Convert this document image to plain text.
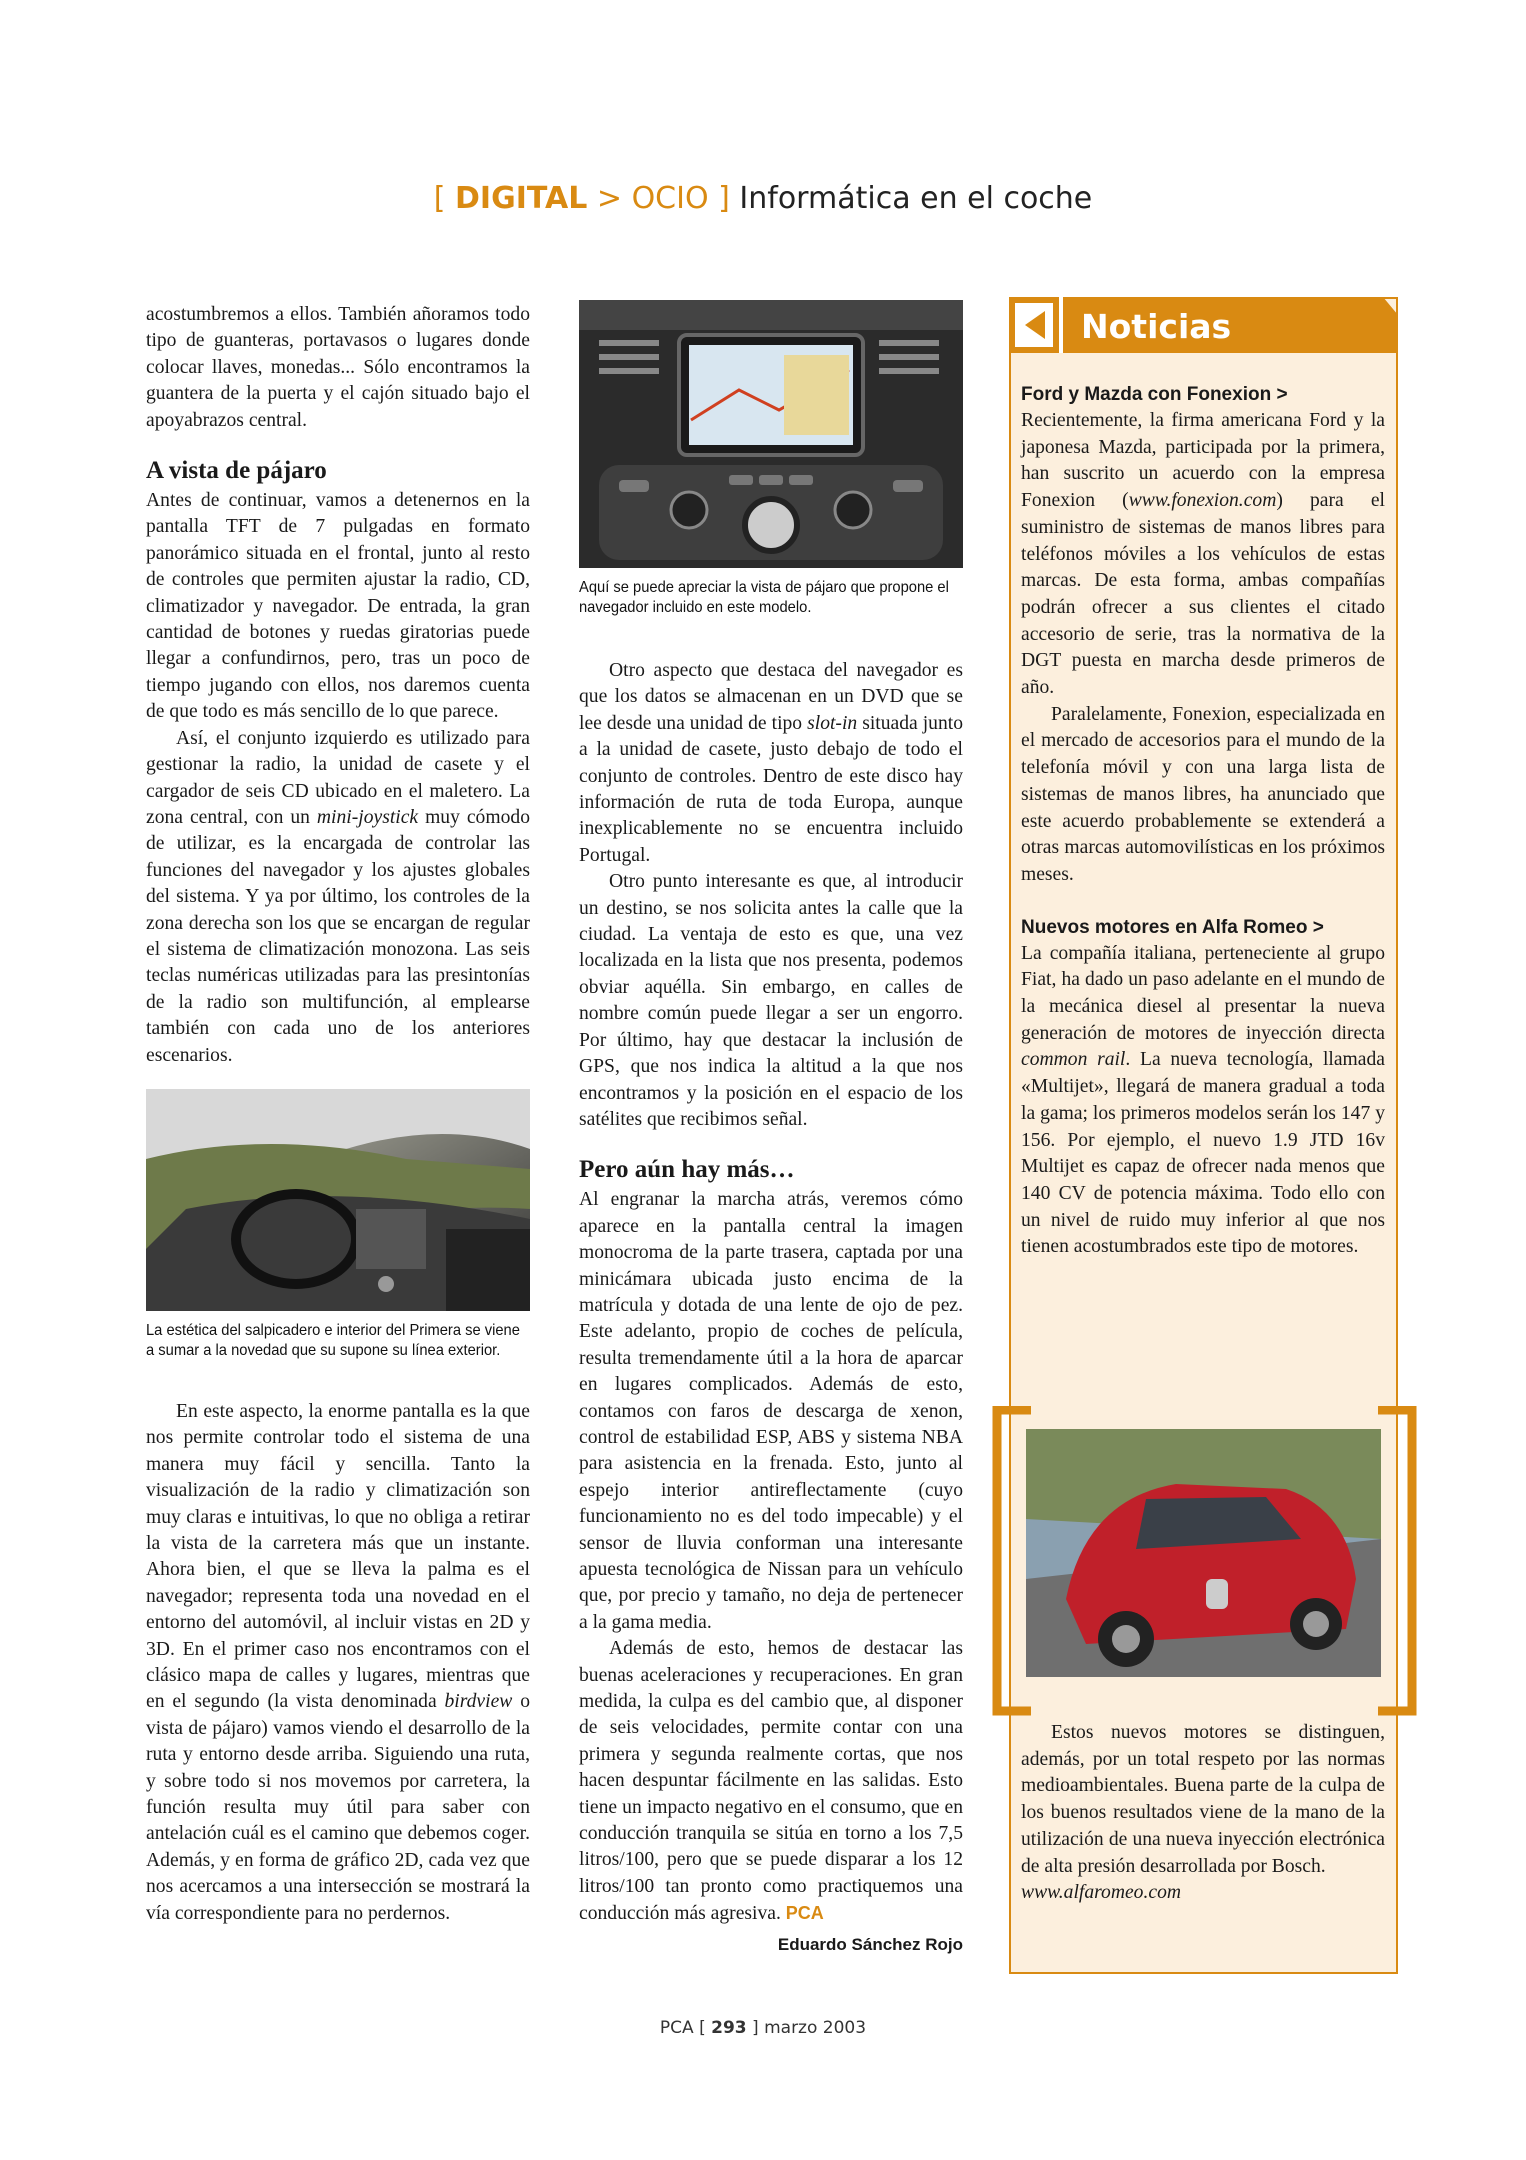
[ DIGITAL > OCIO ] Informática en el coche

acostumbremos a ellos. También añoramos todo tipo de guanteras, portavasos o lugares donde colocar llaves, monedas... Sólo encontramos la guantera de la puerta y el cajón situado bajo el apoyabrazos central.

A vista de pájaro

Antes de continuar, vamos a detenernos en la pantalla TFT de 7 pulgadas en formato panorámico situada en el frontal, junto al resto de controles que permiten ajustar la radio, CD, climatizador y navegador. De entrada, la gran cantidad de botones y ruedas giratorias puede llegar a confundirnos, pero, tras un poco de tiempo jugando con ellos, nos daremos cuenta de que todo es más sencillo de lo que parece.

Así, el conjunto izquierdo es utilizado para gestionar la radio, la unidad de casete y el cargador de seis CD ubicado en el maletero. La zona central, con un mini-joystick muy cómodo de utilizar, es la encargada de controlar las funciones del navegador y los ajustes globales del sistema. Y ya por último, los controles de la zona derecha son los que se encargan de regular el sistema de climatización monozona. Las seis teclas numéricas utilizadas para las presintonías de la radio son multifunción, al emplearse también con cada uno de los anteriores escenarios.

La estética del salpicadero e interior del Primera se viene a sumar a la novedad que su supone su línea exterior.

En este aspecto, la enorme pantalla es la que nos permite controlar todo el sistema de una manera muy fácil y sencilla. Tanto la visualización de la radio y climatización son muy claras e intuitivas, lo que no obliga a retirar la vista de la carretera más que un instante. Ahora bien, el que se lleva la palma es el navegador; representa toda una novedad en el entorno del automóvil, al incluir vistas en 2D y 3D. En el primer caso nos encontramos con el clásico mapa de calles y lugares, mientras que en el segundo (la vista denominada birdview o vista de pájaro) vamos viendo el desarrollo de la ruta y entorno desde arriba. Siguiendo una ruta, y sobre todo si nos movemos por carretera, la función resulta muy útil para saber con antelación cuál es el camino que debemos coger. Además, y en forma de gráfico 2D, cada vez que nos acercamos a una intersección se mostrará la vía correspondiente para no perdernos.

Aquí se puede apreciar la vista de pájaro que propone el navegador incluido en este modelo.

Otro aspecto que destaca del navegador es que los datos se almacenan en un DVD que se lee desde una unidad de tipo slot-in situada junto a la unidad de casete, justo debajo de todo el conjunto de controles. Dentro de este disco hay información de ruta de toda Europa, aunque inexplicablemente no se encuentra incluido Portugal.

Otro punto interesante es que, al introducir un destino, se nos solicita antes la calle que la ciudad. La ventaja de esto es que, una vez localizada en la lista que nos presenta, podemos obviar aquélla. Sin embargo, en calles de nombre común puede llegar a ser un engorro. Por último, hay que destacar la inclusión de GPS, que nos indica la altitud a la que nos encontramos y la posición en el espacio de los satélites que recibimos señal.

Pero aún hay más…

Al engranar la marcha atrás, veremos cómo aparece en la pantalla central la imagen monocroma de la parte trasera, captada por una minicámara ubicada justo encima de la matrícula y dotada de una lente de ojo de pez. Este adelanto, propio de coches de película, resulta tremendamente útil a la hora de aparcar en lugares complicados. Además de esto, contamos con faros de descarga de xenon, control de estabilidad ESP, ABS y sistema NBA para asistencia en la frenada. Esto, junto al espejo interior antireflectamente (cuyo funcionamiento no es del todo impecable) y el sensor de lluvia conforman una interesante apuesta tecnológica de Nissan para un vehículo que, por precio y tamaño, no deja de pertenecer a la gama media.

Además de esto, hemos de destacar las buenas aceleraciones y recuperaciones. En gran medida, la culpa es del cambio que, al disponer de seis velocidades, permite contar con una primera y segunda realmente cortas, que nos hacen despuntar fácilmente en las salidas. Esto tiene un impacto negativo en el consumo, que en conducción tranquila se sitúa en torno a los 7,5 litros/100, pero que se puede disparar a los 12 litros/100 tan pronto como practiquemos una conducción más agresiva. PCA

Eduardo Sánchez Rojo
Noticias
Ford y Mazda con Fonexion >

Recientemente, la firma americana Ford y la japonesa Mazda, participada por la primera, han suscrito un acuerdo con la empresa Fonexion (www.fonexion.com) para el suministro de sistemas de manos libres para teléfonos móviles a los vehículos de estas marcas. De esta forma, ambas compañías podrán ofrecer a sus clientes el citado accesorio de serie, tras la normativa de la DGT puesta en marcha desde primeros de año.

Paralelamente, Fonexion, especializada en el mercado de accesorios para el mundo de la telefonía móvil y con una larga lista de sistemas de manos libres, ha anunciado que este acuerdo probablemente se extenderá a otras marcas automovilísticas en los próximos meses.

Nuevos motores en Alfa Romeo >

La compañía italiana, perteneciente al grupo Fiat, ha dado un paso adelante en el mundo de la mecánica diesel al presentar la nueva generación de motores de inyección directa common rail. La nueva tecnología, llamada «Multijet», llegará de manera gradual a toda la gama; los primeros modelos serán los 147 y 156. Por ejemplo, el nuevo 1.9 JTD 16v Multijet es capaz de ofrecer nada menos que 140 CV de potencia máxima. Todo ello con un nivel de ruido muy inferior al que nos tienen acostumbrados este tipo de motores.

Estos nuevos motores se distinguen, además, por un total respeto por las normas medioambientales. Buena parte de la culpa de los buenos resultados viene de la mano de la utilización de una nueva inyección electrónica de alta presión desarrollada por Bosch.

www.alfaromeo.com

PCA [ 293 ] marzo 2003
